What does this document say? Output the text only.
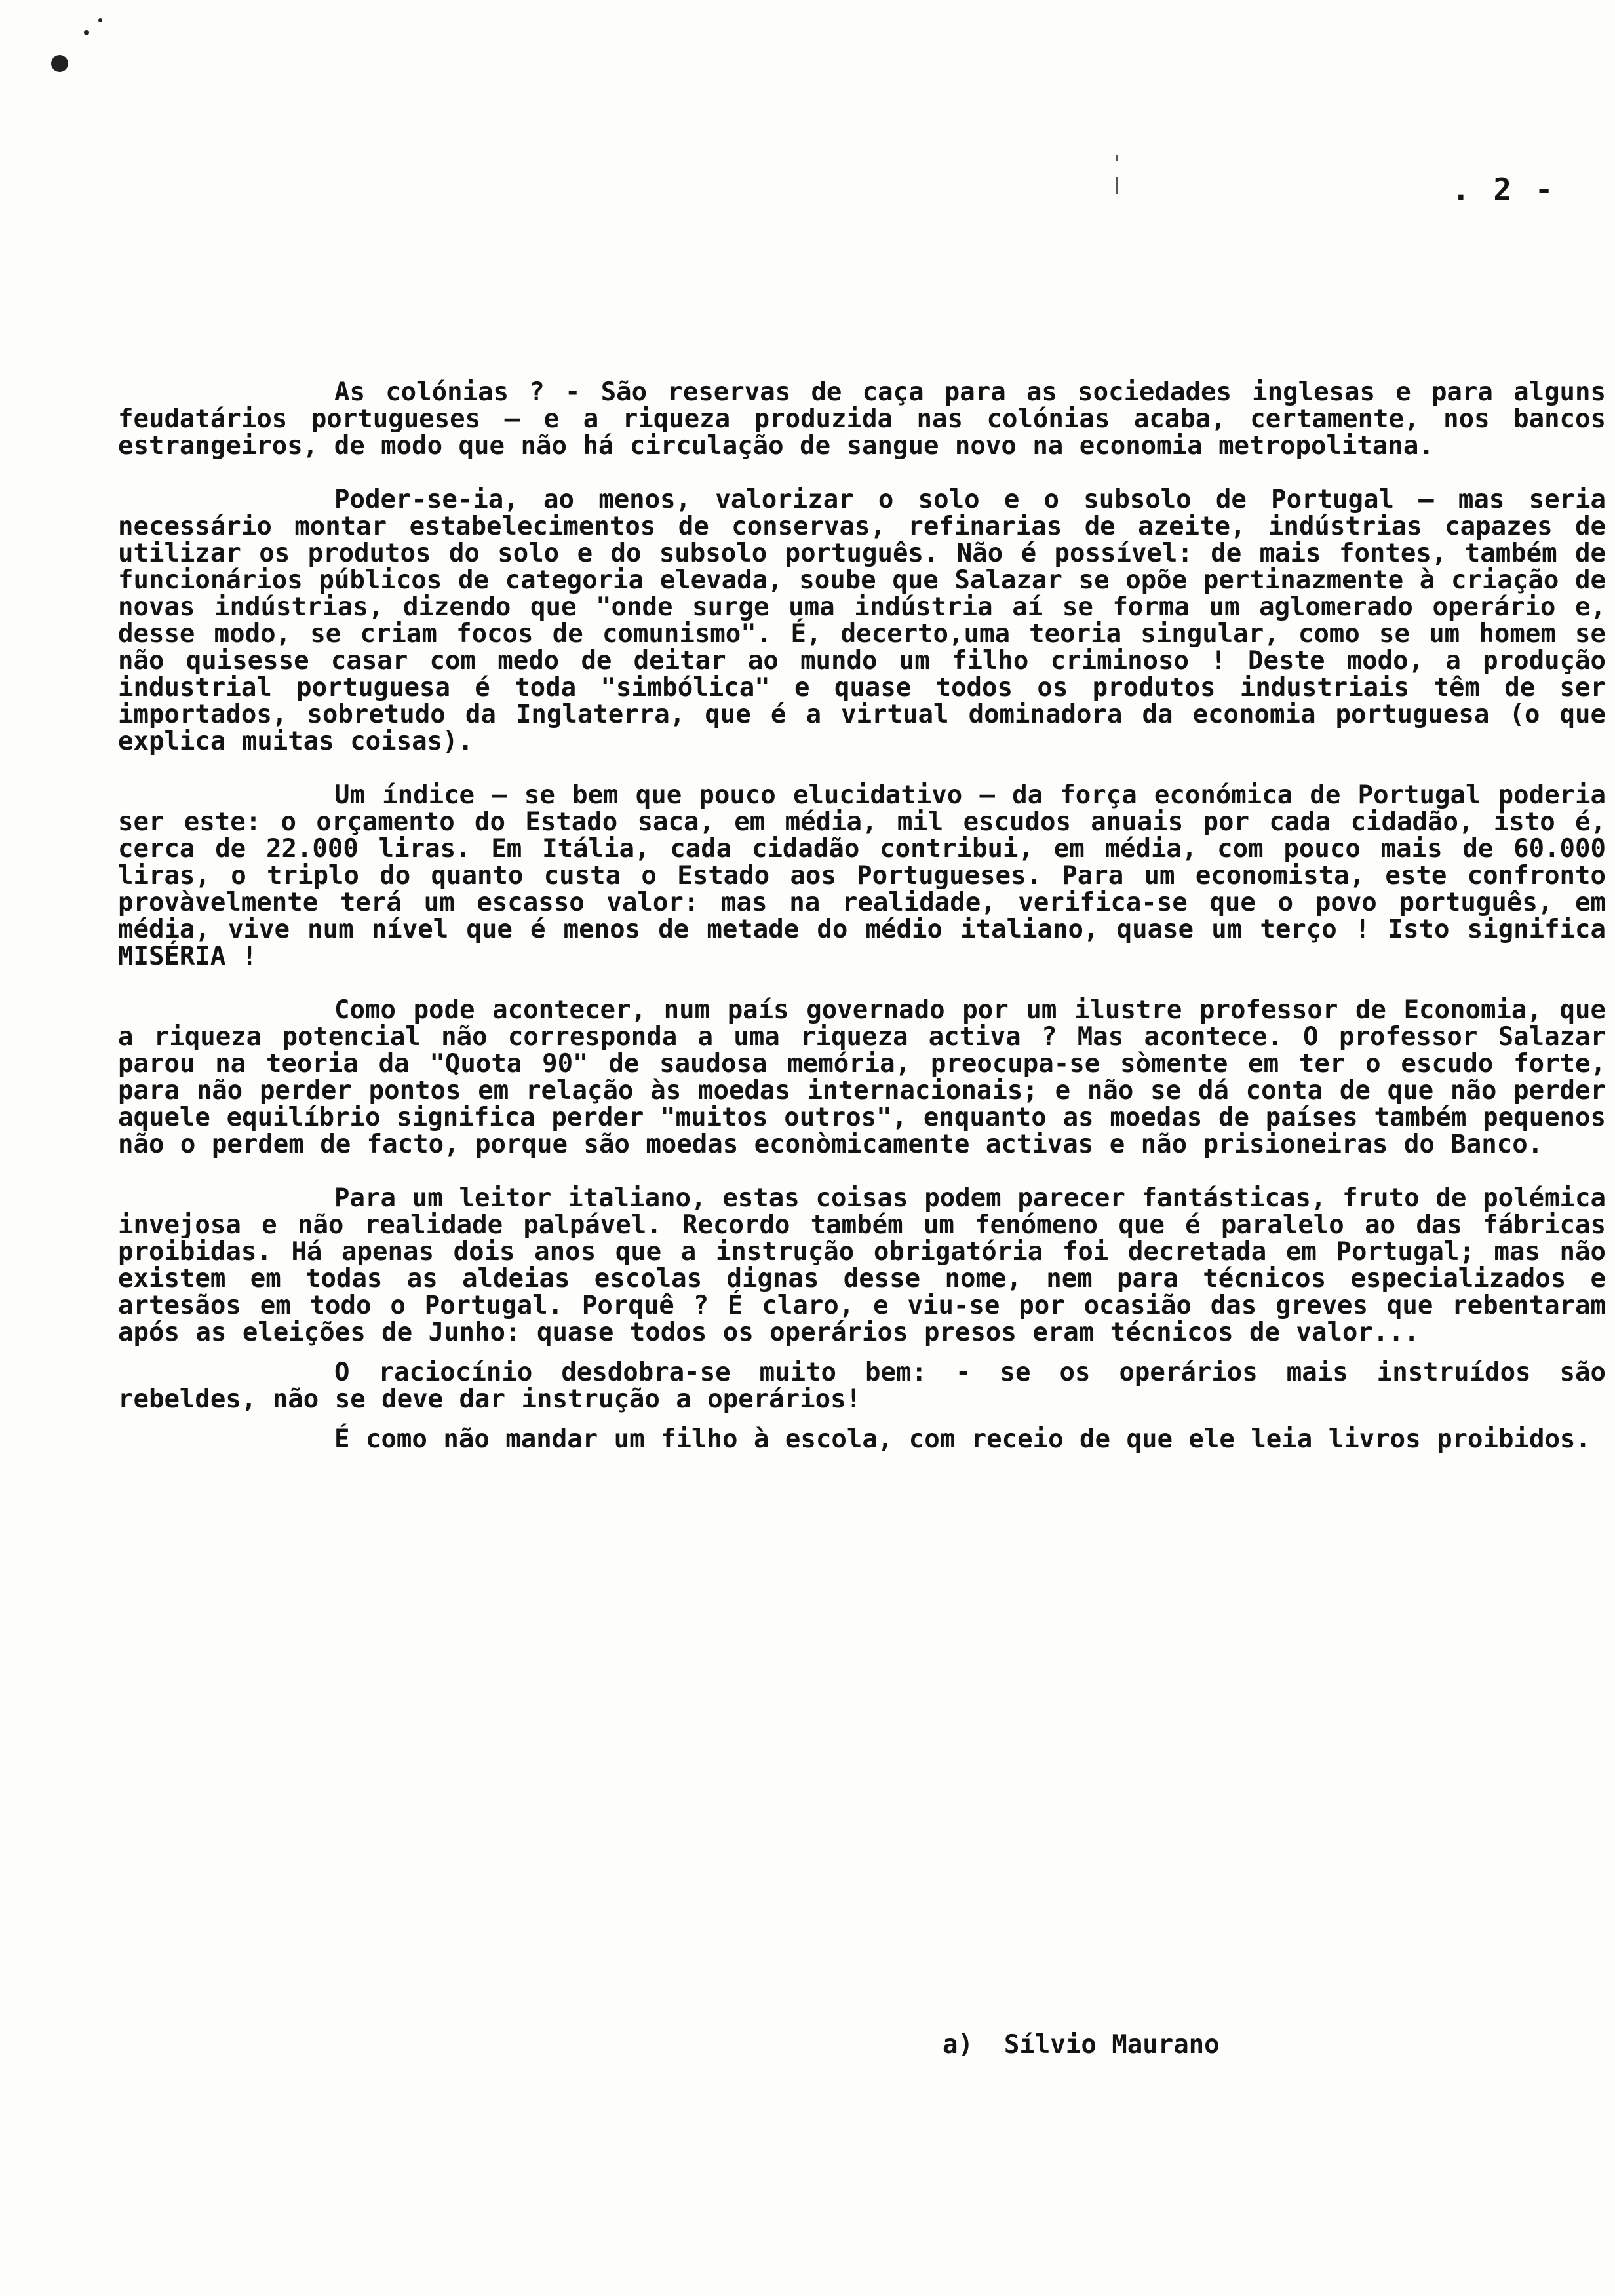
. 2 -

As colónias ? - São reservas de caça para as sociedades inglesas e para alguns feudatários portugueses — e a riqueza produzida nas colónias acaba, certamente, nos bancos estrangeiros, de modo que não há circulação de sangue novo na economia metropolitana.

Poder-se-ia, ao menos, valorizar o solo e o subsolo de Portugal — mas seria necessário montar estabelecimentos de conservas, refinarias de azeite, indústrias capazes de utilizar os produtos do solo e do subsolo português. Não é possível: de mais fontes, também de funcionários públicos de categoria elevada, soube que Salazar se opõe pertinazmente à criação de novas indústrias, dizendo que "onde surge uma indústria aí se forma um aglomerado operário e, desse modo, se criam focos de comunismo". É, decerto,uma teoria singular, como se um homem se não quisesse casar com medo de deitar ao mundo um filho criminoso ! Deste modo, a produção industrial portuguesa é toda "simbólica" e quase todos os produtos industriais têm de ser importados, sobretudo da Inglaterra, que é a virtual dominadora da economia portuguesa (o que explica muitas coisas).

Um índice — se bem que pouco elucidativo — da força económica de Portugal poderia ser este: o orçamento do Estado saca, em média, mil escudos anuais por cada cidadão, isto é, cerca de 22.000 liras. Em Itália, cada cidadão contribui, em média, com pouco mais de 60.000 liras, o triplo do quanto custa o Estado aos Portugueses. Para um economista, este confronto provàvelmente terá um escasso valor: mas na realidade, verifica-se que o povo português, em média, vive num nível que é menos de metade do médio italiano, quase um terço ! Isto significa MISÉRIA !

Como pode acontecer, num país governado por um ilustre professor de Economia, que a riqueza potencial não corresponda a uma riqueza activa ? Mas acontece. O professor Salazar parou na teoria da "Quota 90" de saudosa memória, preocupa-se sòmente em ter o escudo forte, para não perder pontos em relação às moedas internacionais; e não se dá conta de que não perder aquele equilíbrio significa perder "muitos outros", enquanto as moedas de países também pequenos não o perdem de facto, porque são moedas econòmicamente activas e não prisioneiras do Banco.

Para um leitor italiano, estas coisas podem parecer fantásticas, fruto de polémica invejosa e não realidade palpável. Recordo também um fenómeno que é paralelo ao das fábricas proibidas. Há apenas dois anos que a instrução obrigatória foi decretada em Portugal; mas não existem em todas as aldeias escolas dignas desse nome, nem para técnicos especializados e artesãos em todo o Portugal. Porquê ? É claro, e viu-se por ocasião das greves que rebentaram após as eleições de Junho: quase todos os operários presos eram técnicos de valor...

O raciocínio desdobra-se muito bem: - se os operários mais instruídos são rebeldes, não se deve dar instrução a operários!

É como não mandar um filho à escola, com receio de que ele leia livros proibidos.

a)  Sílvio Maurano
